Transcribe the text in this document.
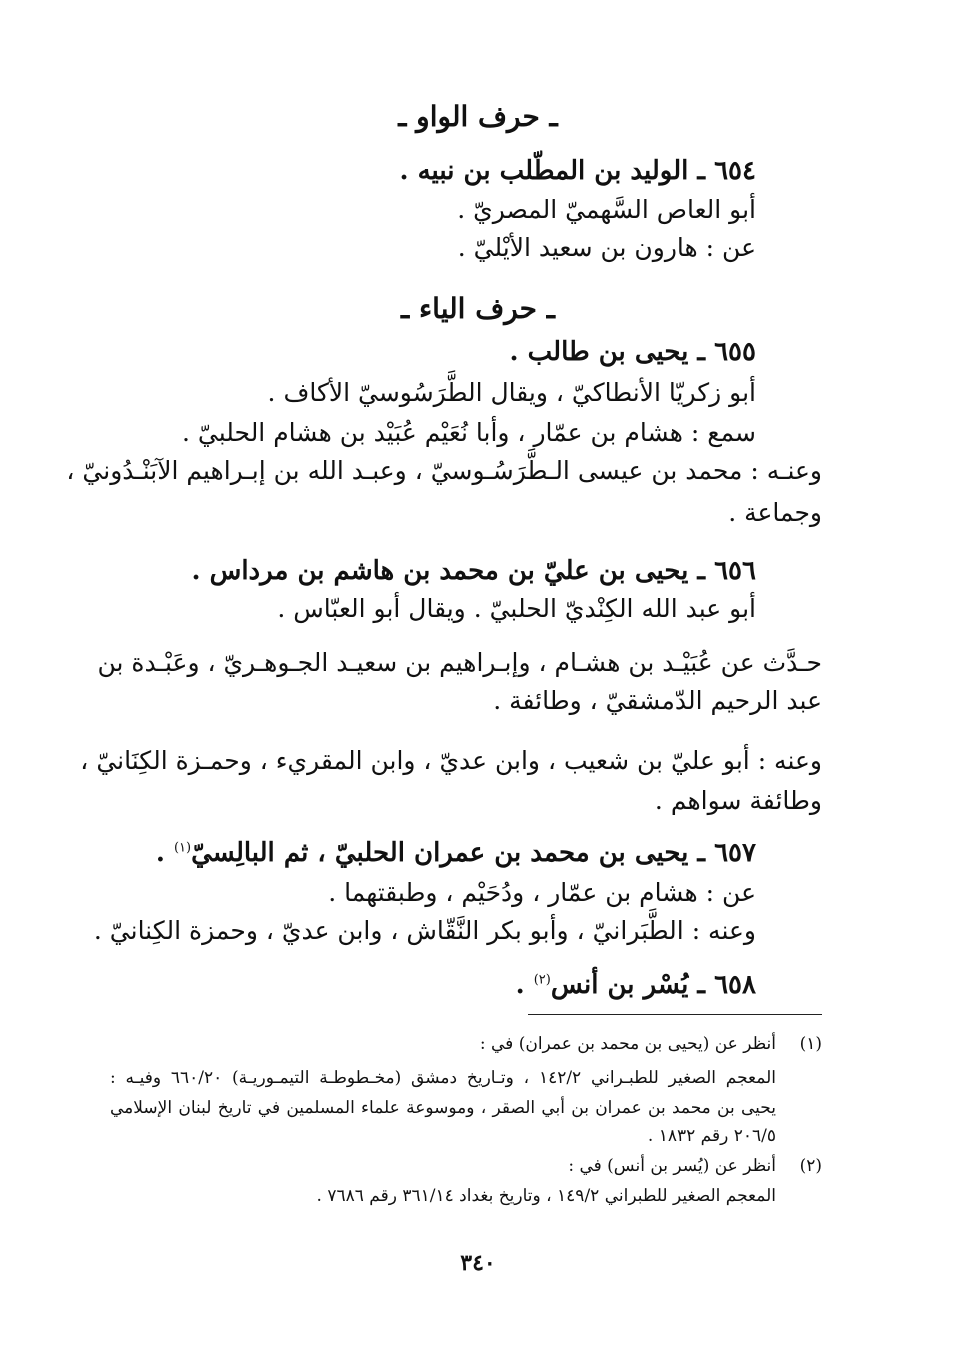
ـ حرف الواو ـ

٦٥٤ ـ الوليد بن المطّلب بن نبيه .

أبو العاص السَّهميّ المصريّ .

عن : هارون بن سعيد الأيْليّ .

ـ حرف الياء ـ

٦٥٥ ـ يحيى بن طالب .

أبو زكريّا الأنطاكيّ ، ويقال الطَّرَسُوسيّ الأكاف .

سمع : هشام بن عمّار ، وأبا نُعَيْم عُبَيْد بن هشام الحلبيّ .

وعنـه : محمد بن عيسى الـطَّرَسُـوسيّ ، وعبـد الله بن إبـراهيم الآبَنْـدُونيّ ،

وجماعة .

٦٥٦ ـ يحيى بن عليّ بن محمد بن هاشم بن مرداس .

أبو عبد الله الكِنْديّ الحلبيّ . ويقال أبو العبّاس .

حـدَّث عن عُبَيْـد بن هشـام ، وإبـراهيم بن سعيـد الجـوهـريّ ، وعَبْـدة بن

عبد الرحيم الدّمشقيّ ، وطائفة .

وعنه : أبو عليّ بن شعيب ، وابن عديّ ، وابن المقريء ، وحمـزة الكِنَانيّ ،

وطائفة سواهم .

٦٥٧ ـ يحيى بن محمد بن عمران الحلبيّ ، ثم البالِسيّ$^{(١)}$ .

عن : هشام بن عمّار ، ودُحَيْم ، وطبقتهما .

وعنه : الطَّبَرانيّ ، وأبو بكر النَّقّاش ، وابن عديّ ، وحمزة الكِنانيّ .

٦٥٨ ـ يُسْر بن أنس$^{(٢)}$ .

(١)أنظر عن (يحيى بن محمد بن عمران) في :

المعجم الصغير للطبـراني ١٤٢/٢ ، وتـاريخ دمشق (مخـطوطـة التيمـوريـة) ٦٦٠/٢٠ وفيـه :

يحيى بن محمد بن عمران بن أبي الصقر ، وموسوعة علماء المسلمين في تاريخ لبنان الإسلامي

٢٠٦/٥ رقم ١٨٣٢ .

(٢)أنظر عن (يُسر بن أنس) في :

المعجم الصغير للطبراني ١٤٩/٢ ، وتاريخ بغداد ٣٦١/١٤ رقم ٧٦٨٦ .

٣٤٠
